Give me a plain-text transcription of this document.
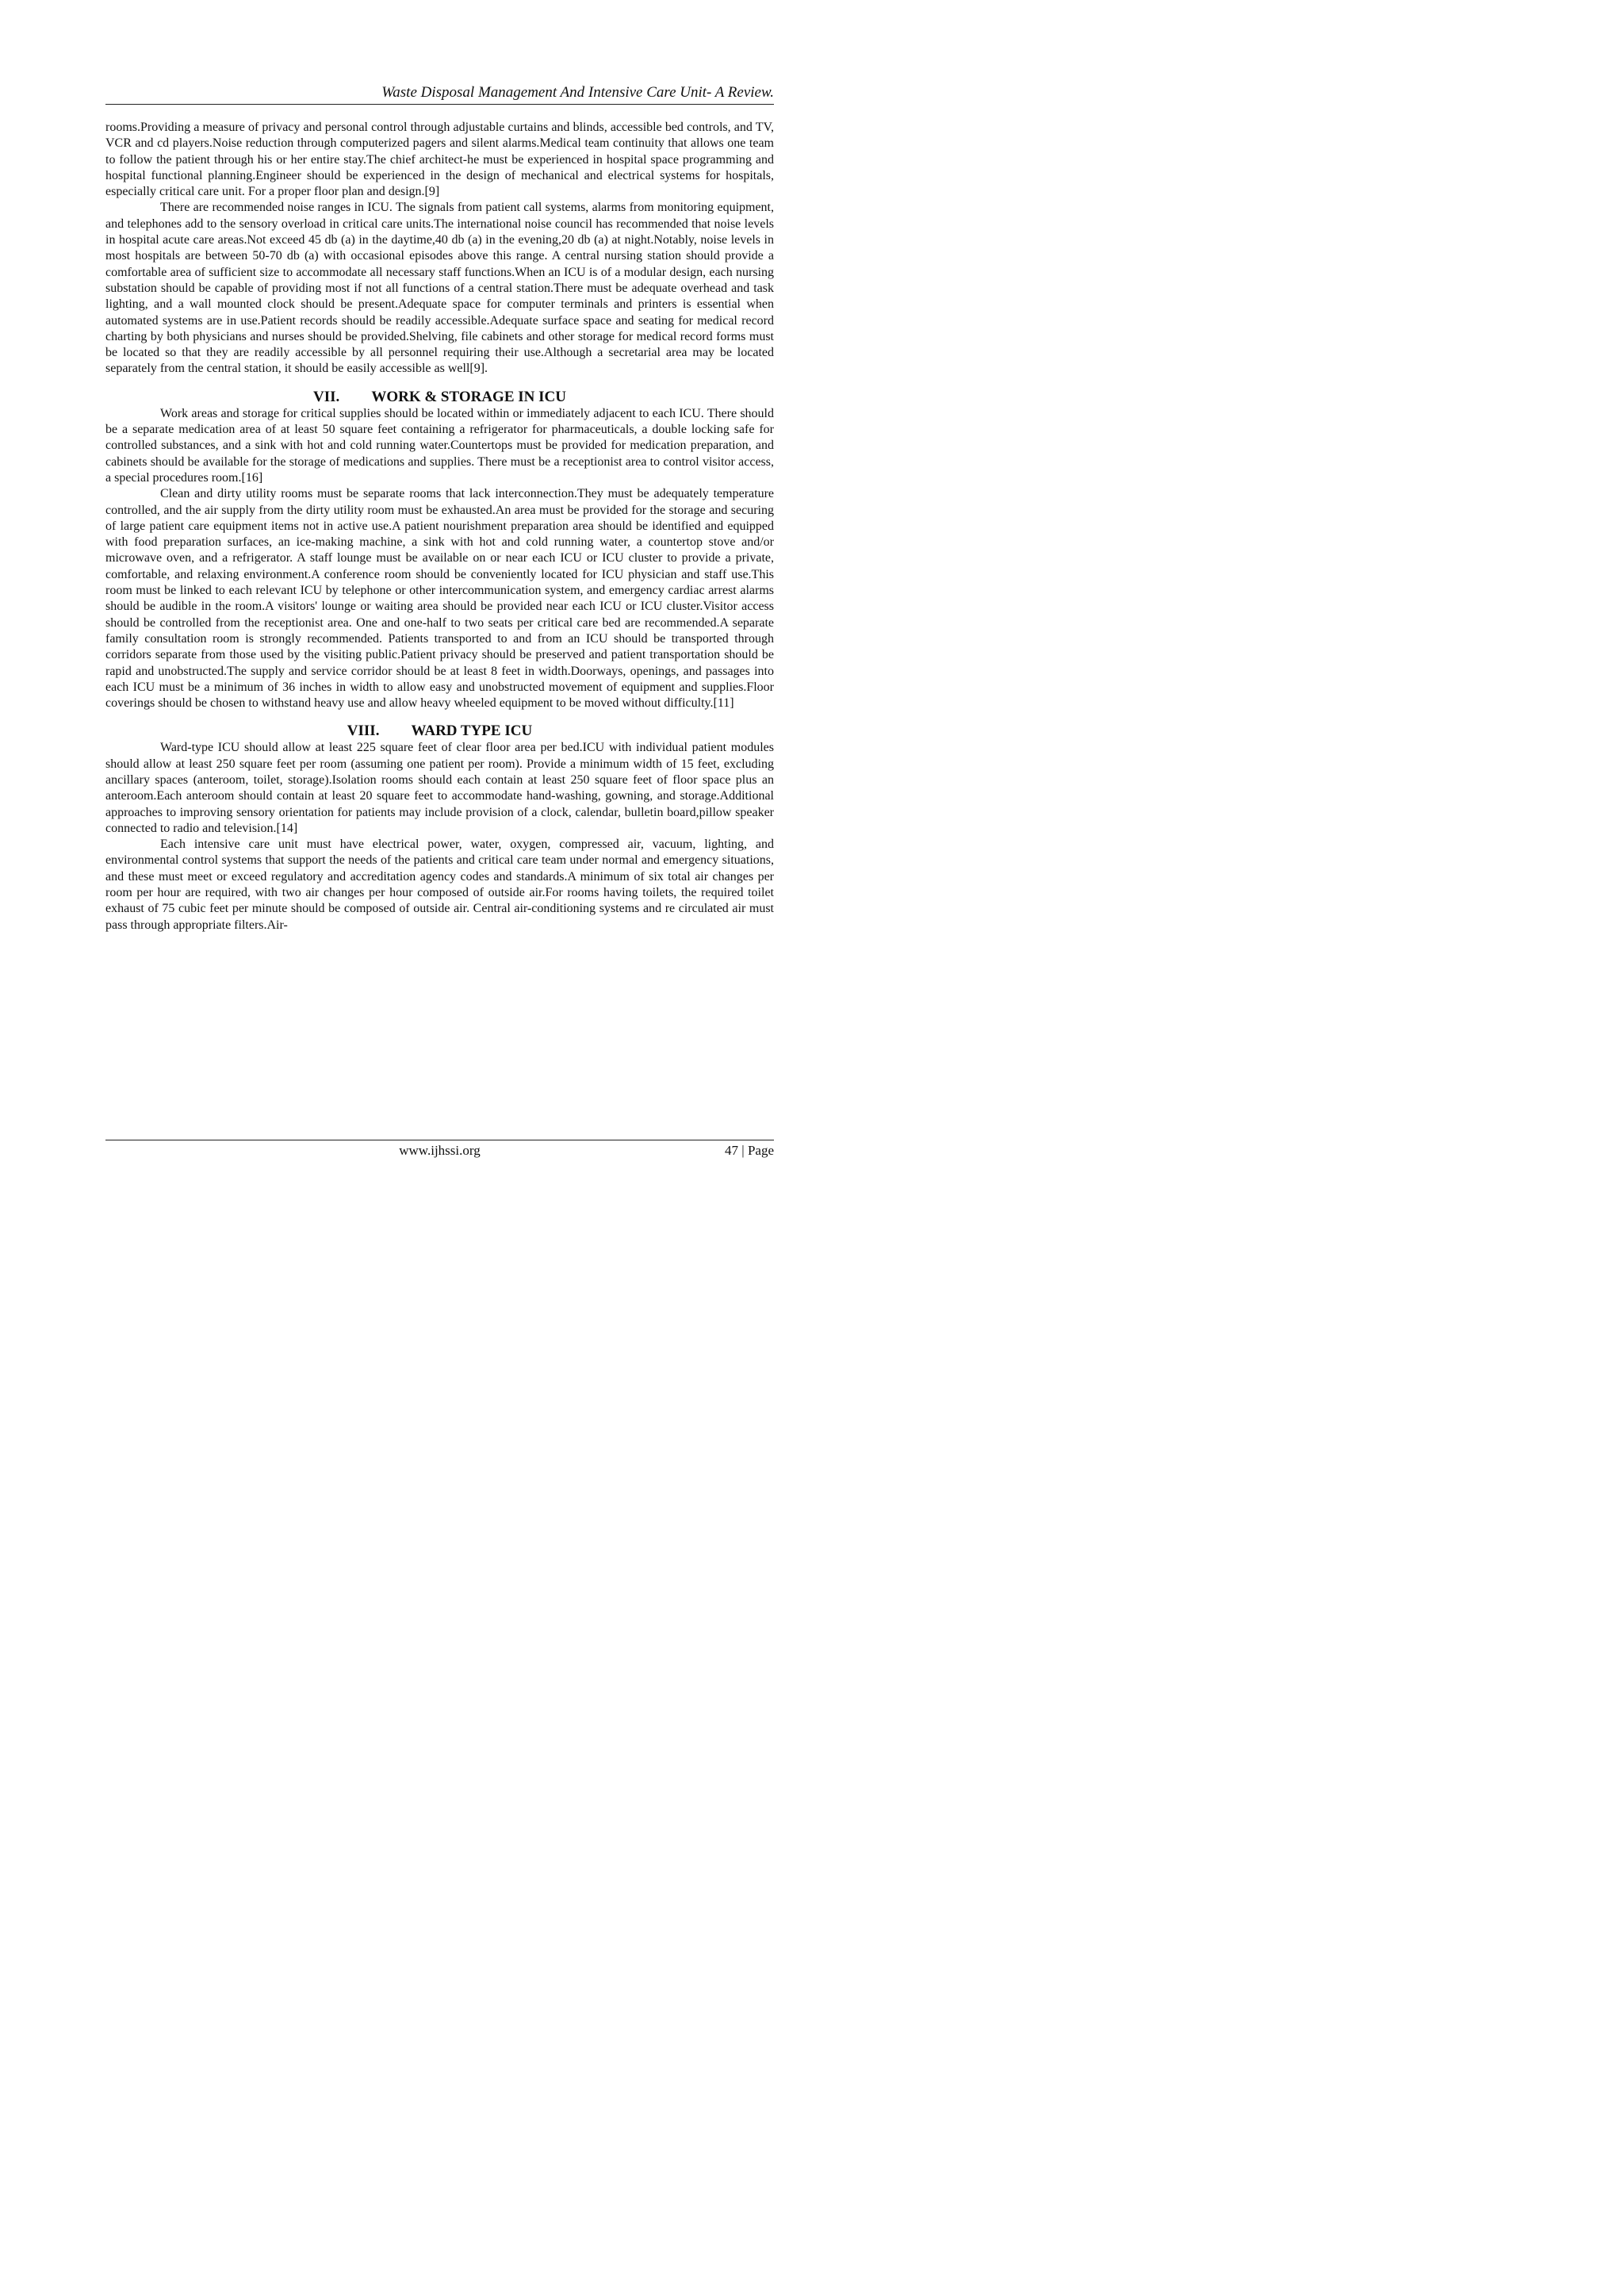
Waste Disposal Management And Intensive Care Unit- A Review.

rooms.Providing a measure of privacy and personal control through adjustable curtains and blinds, accessible bed controls, and TV, VCR and cd players.Noise reduction through computerized pagers and silent alarms.Medical team continuity that allows one team to follow the patient through his or her entire stay.The chief architect-he must be experienced in hospital space programming and hospital functional planning.Engineer should be experienced in the design of mechanical and electrical systems for hospitals, especially critical care unit. For a proper floor plan and design.[9]

There are recommended noise ranges in ICU. The signals from patient call systems, alarms from monitoring equipment, and telephones add to the sensory overload in critical care units.The international noise council has recommended that noise levels in hospital acute care areas.Not exceed 45 db (a) in the daytime,40 db (a) in the evening,20 db (a) at night.Notably, noise levels in most hospitals are between 50-70 db (a) with occasional episodes above this range. A central nursing station should provide a comfortable area of sufficient size to accommodate all necessary staff functions.When an ICU is of a modular design, each nursing substation should be capable of providing most if not all functions of a central station.There must be adequate overhead and task lighting, and a wall mounted clock should be present.Adequate space for computer terminals and printers is essential when automated systems are in use.Patient records should be readily accessible.Adequate surface space and seating for medical record charting by both physicians and nurses should be provided.Shelving, file cabinets and other storage for medical record forms must be located so that they are readily accessible by all personnel requiring their use.Although a secretarial area may be located separately from the central station, it should be easily accessible as well[9].

VII. WORK & STORAGE IN ICU

Work areas and storage for critical supplies should be located within or immediately adjacent to each ICU. There should be a separate medication area of at least 50 square feet containing a refrigerator for pharmaceuticals, a double locking safe for controlled substances, and a sink with hot and cold running water.Countertops must be provided for medication preparation, and cabinets should be available for the storage of medications and supplies. There must be a receptionist area to control visitor access, a special procedures room.[16]

Clean and dirty utility rooms must be separate rooms that lack interconnection.They must be adequately temperature controlled, and the air supply from the dirty utility room must be exhausted.An area must be provided for the storage and securing of large patient care equipment items not in active use.A patient nourishment preparation area should be identified and equipped with food preparation surfaces, an ice-making machine, a sink with hot and cold running water, a countertop stove and/or microwave oven, and a refrigerator. A staff lounge must be available on or near each ICU or ICU cluster to provide a private, comfortable, and relaxing environment.A conference room should be conveniently located for ICU physician and staff use.This room must be linked to each relevant ICU by telephone or other intercommunication system, and emergency cardiac arrest alarms should be audible in the room.A visitors' lounge or waiting area should be provided near each ICU or ICU cluster.Visitor access should be controlled from the receptionist area. One and one-half to two seats per critical care bed are recommended.A separate family consultation room is strongly recommended. Patients transported to and from an ICU should be transported through corridors separate from those used by the visiting public.Patient privacy should be preserved and patient transportation should be rapid and unobstructed.The supply and service corridor should be at least 8 feet in width.Doorways, openings, and passages into each ICU must be a minimum of 36 inches in width to allow easy and unobstructed movement of equipment and supplies.Floor coverings should be chosen to withstand heavy use and allow heavy wheeled equipment to be moved without difficulty.[11]

VIII. WARD TYPE ICU

Ward-type ICU should allow at least 225 square feet of clear floor area per bed.ICU with individual patient modules should allow at least 250 square feet per room (assuming one patient per room). Provide a minimum width of 15 feet, excluding ancillary spaces (anteroom, toilet, storage).Isolation rooms should each contain at least 250 square feet of floor space plus an anteroom.Each anteroom should contain at least 20 square feet to accommodate hand-washing, gowning, and storage.Additional approaches to improving sensory orientation for patients may include provision of a clock, calendar, bulletin board,pillow speaker connected to radio and television.[14]

Each intensive care unit must have electrical power, water, oxygen, compressed air, vacuum, lighting, and environmental control systems that support the needs of the patients and critical care team under normal and emergency situations, and these must meet or exceed regulatory and accreditation agency codes and standards.A minimum of six total air changes per room per hour are required, with two air changes per hour composed of outside air.For rooms having toilets, the required toilet exhaust of 75 cubic feet per minute should be composed of outside air. Central air-conditioning systems and re circulated air must pass through appropriate filters.Air-

www.ijhssi.org	47 | Page
